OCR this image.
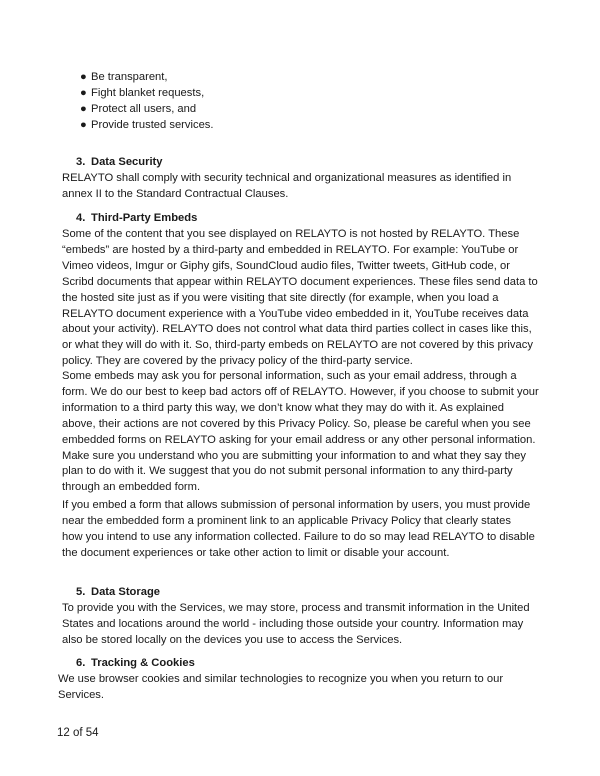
● Be transparent,
● Fight blanket requests,
● Protect all users, and
● Provide trusted services.
3. Data Security

RELAYTO shall comply with security technical and organizational measures as identified in
annex II to the Standard Contractual Clauses.

4. Third-Party Embeds

Some of the content that you see displayed on RELAYTO is not hosted by RELAYTO. These
“embeds” are hosted by a third-party and embedded in RELAYTO. For example: YouTube or
Vimeo videos, Imgur or Giphy gifs, SoundCloud audio files, Twitter tweets, GitHub code, or
Scribd documents that appear within RELAYTO document experiences. These files send data to
the hosted site just as if you were visiting that site directly (for example, when you load a
RELAYTO document experience with a YouTube video embedded in it, YouTube receives data
about your activity). RELAYTO does not control what data third parties collect in cases like this,
or what they will do with it. So, third-party embeds on RELAYTO are not covered by this privacy
policy. They are covered by the privacy policy of the third-party service.

Some embeds may ask you for personal information, such as your email address, through a
form. We do our best to keep bad actors off of RELAYTO. However, if you choose to submit your
information to a third party this way, we don’t know what they may do with it. As explained
above, their actions are not covered by this Privacy Policy. So, please be careful when you see
embedded forms on RELAYTO asking for your email address or any other personal information.
Make sure you understand who you are submitting your information to and what they say they
plan to do with it. We suggest that you do not submit personal information to any third-party
through an embedded form.

If you embed a form that allows submission of personal information by users, you must provide
near the embedded form a prominent link to an applicable Privacy Policy that clearly states
how you intend to use any information collected. Failure to do so may lead RELAYTO to disable
the document experiences or take other action to limit or disable your account.

5. Data Storage

To provide you with the Services, we may store, process and transmit information in the United
States and locations around the world - including those outside your country. Information may
also be stored locally on the devices you use to access the Services.

6. Tracking & Cookies

We use browser cookies and similar technologies to recognize you when you return to our
Services.

12 of 54
